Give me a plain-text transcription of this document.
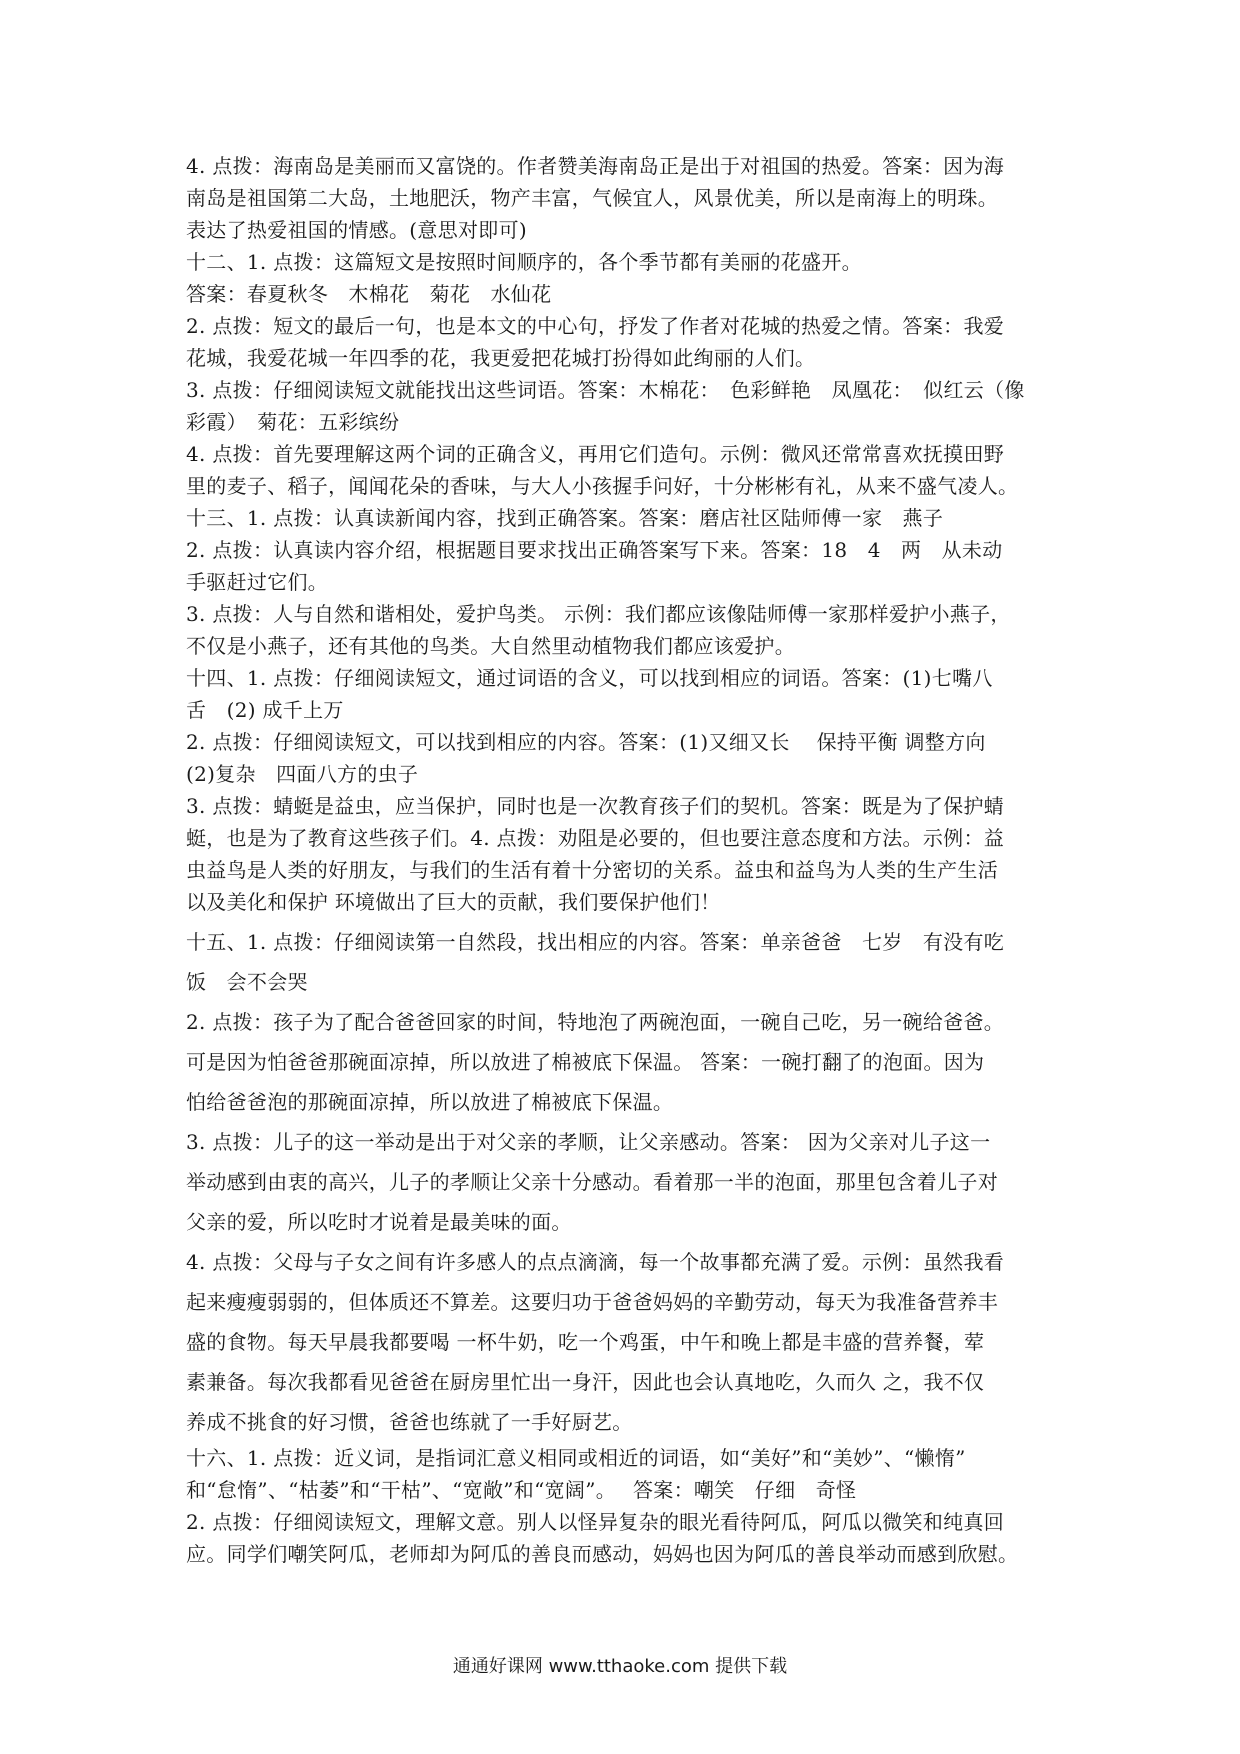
4. 点拨：海南岛是美丽而又富饶的。作者赞美海南岛正是出于对祖国的热爱。答案：因为海
南岛是祖国第二大岛，土地肥沃，物产丰富，气候宜人，风景优美，所以是南海上的明珠。
表达了热爱祖国的情感。(意思对即可)
十二、1. 点拨：这篇短文是按照时间顺序的，各个季节都有美丽的花盛开。
答案：春夏秋冬　木棉花　菊花　水仙花
2. 点拨：短文的最后一句，也是本文的中心句，抒发了作者对花城的热爱之情。答案：我爱
花城，我爱花城一年四季的花，我更爱把花城打扮得如此绚丽的人们。
3. 点拨：仔细阅读短文就能找出这些词语。答案：木棉花：　色彩鲜艳　凤凰花：　似红云（像
彩霞）　菊花：五彩缤纷
4. 点拨：首先要理解这两个词的正确含义，再用它们造句。示例：微风还常常喜欢抚摸田野
里的麦子、稻子，闻闻花朵的香味，与大人小孩握手问好，十分彬彬有礼，从来不盛气凌人。
十三、1. 点拨：认真读新闻内容，找到正确答案。答案：磨店社区陆师傅一家　燕子
2. 点拨：认真读内容介绍，根据题目要求找出正确答案写下来。答案：18　4　两　从未动
手驱赶过它们。
3. 点拨：人与自然和谐相处，爱护鸟类。 示例：我们都应该像陆师傅一家那样爱护小燕子，
不仅是小燕子，还有其他的鸟类。大自然里动植物我们都应该爱护。
十四、1. 点拨：仔细阅读短文，通过词语的含义，可以找到相应的词语。答案：(1)七嘴八
舌　(2) 成千上万
2. 点拨：仔细阅读短文，可以找到相应的内容。答案：(1)又细又长　 保持平衡 调整方向
(2)复杂　四面八方的虫子
3. 点拨：蜻蜓是益虫，应当保护，同时也是一次教育孩子们的契机。答案：既是为了保护蜻
蜓，也是为了教育这些孩子们。4. 点拨：劝阻是必要的，但也要注意态度和方法。示例：益
虫益鸟是人类的好朋友，与我们的生活有着十分密切的关系。益虫和益鸟为人类的生产生活
以及美化和保护 环境做出了巨大的贡献，我们要保护他们！
十五、1. 点拨：仔细阅读第一自然段，找出相应的内容。答案：单亲爸爸　七岁　有没有吃
饭　会不会哭
2. 点拨：孩子为了配合爸爸回家的时间，特地泡了两碗泡面，一碗自己吃，另一碗给爸爸。
可是因为怕爸爸那碗面凉掉，所以放进了棉被底下保温。 答案：一碗打翻了的泡面。因为
怕给爸爸泡的那碗面凉掉，所以放进了棉被底下保温。
3. 点拨：儿子的这一举动是出于对父亲的孝顺，让父亲感动。答案： 因为父亲对儿子这一
举动感到由衷的高兴，儿子的孝顺让父亲十分感动。看着那一半的泡面，那里包含着儿子对
父亲的爱，所以吃时才说着是最美味的面。
4. 点拨：父母与子女之间有许多感人的点点滴滴，每一个故事都充满了爱。示例：虽然我看
起来瘦瘦弱弱的，但体质还不算差。这要归功于爸爸妈妈的辛勤劳动，每天为我准备营养丰
盛的食物。每天早晨我都要喝 一杯牛奶，吃一个鸡蛋，中午和晚上都是丰盛的营养餐，荤
素兼备。每次我都看见爸爸在厨房里忙出一身汗，因此也会认真地吃，久而久 之，我不仅
养成不挑食的好习惯，爸爸也练就了一手好厨艺。
十六、1. 点拨：近义词，是指词汇意义相同或相近的词语，如“美好”和“美妙”、“懒惰”
和“怠惰”、“枯萎”和“干枯”、“宽敞”和“宽阔”。　 答案：嘲笑　仔细　奇怪
2. 点拨：仔细阅读短文，理解文意。别人以怪异复杂的眼光看待阿瓜，阿瓜以微笑和纯真回
应。同学们嘲笑阿瓜，老师却为阿瓜的善良而感动，妈妈也因为阿瓜的善良举动而感到欣慰。
通通好课网 www.tthaoke.com 提供下载
